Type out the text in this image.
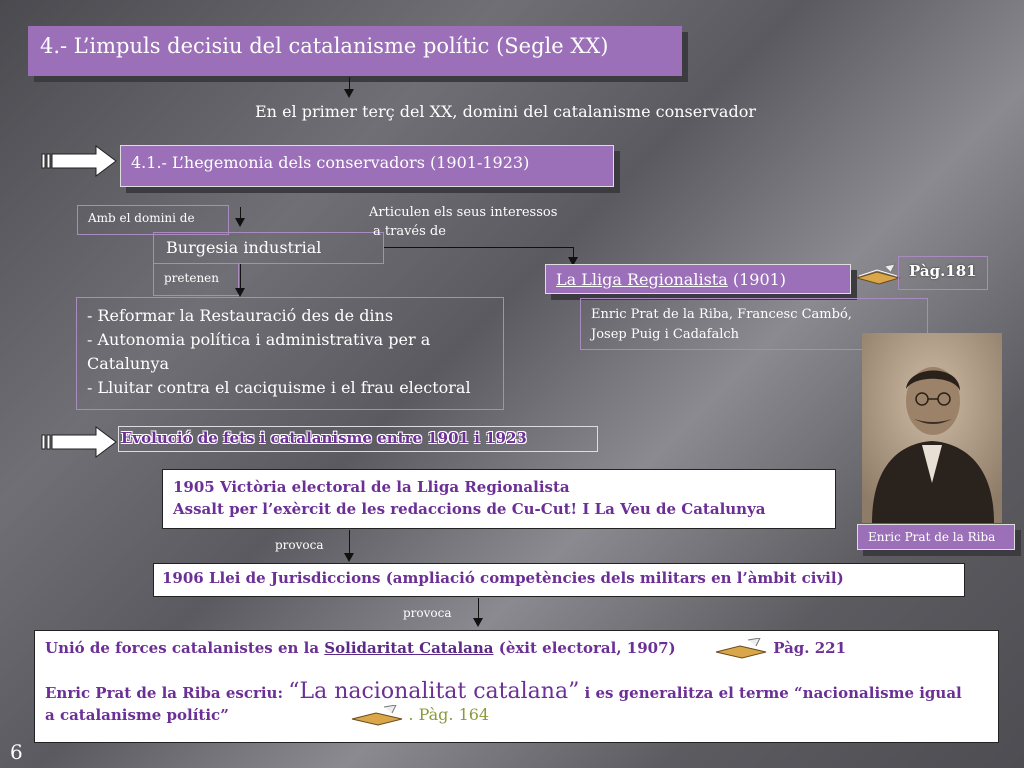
4.- L’impuls decisiu del catalanisme polític (Segle XX)
En el primer terç del XX, domini del catalanisme conservador
4.1.- L’hegemonia dels conservadors (1901-1923)
Amb el domini de
Burgesia industrial
Articulen els seus interessos
a través de
pretenen	La Lliga Regionalista (1901)	Pàg.181
Enric Prat de la Riba, Francesc Cambó,
Josep Puig i Cadafalch
- Reformar la Restauració des de dins
- Autonomia política i administrativa per a Catalunya
- Lluitar contra el caciquisme i el frau electoral
Enric Prat de la Riba
Evolució de fets i catalanisme entre 1901 i 1923
1905 Victòria electoral de la Lliga Regionalista
Assalt per l’exèrcit de les redaccions de Cu-Cut! I La Veu de Catalunya
provoca
1906 Llei de Jurisdiccions (ampliació competències dels militars en l’àmbit civil)
provoca
Unió de forces catalanistes en la Solidaritat Catalana (èxit electoral, 1907)	Pàg. 221
Enric Prat de la Riba escriu: “La nacionalitat catalana” i es generalitza el terme “nacionalisme igual
a catalanisme polític”	. Pàg. 164
6
